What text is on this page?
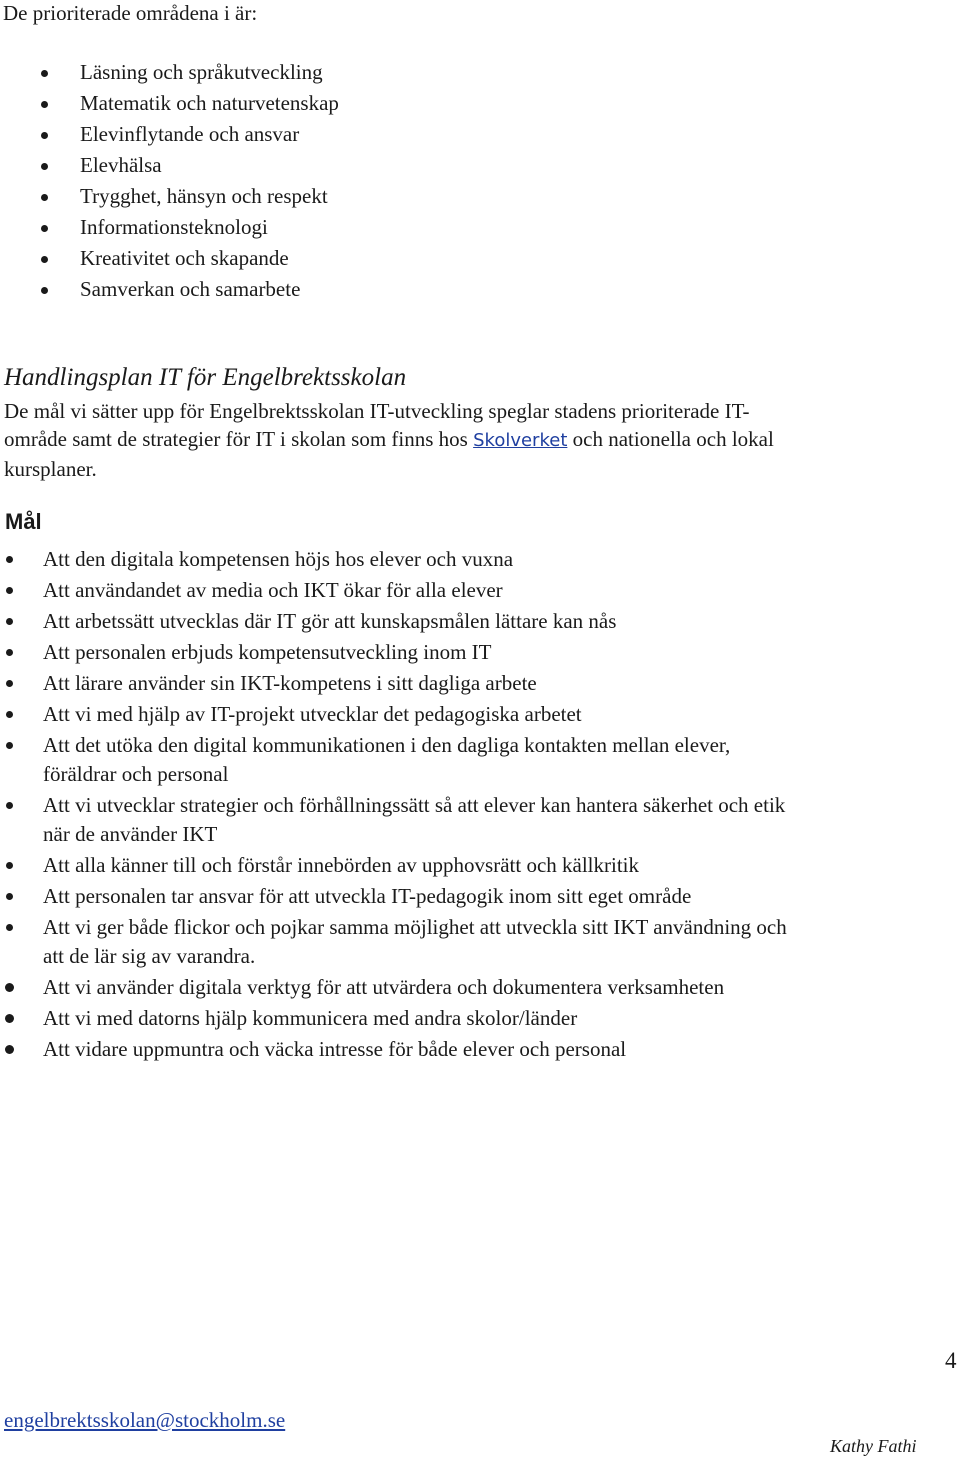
De prioriterade områdena i är:
Läsning och språkutveckling
Matematik och naturvetenskap
Elevinflytande och ansvar
Elevhälsa
Trygghet, hänsyn och respekt
Informationsteknologi
Kreativitet och skapande
Samverkan och samarbete
Handlingsplan IT för Engelbrektsskolan
De mål vi sätter upp för Engelbrektsskolan IT-utveckling speglar stadens prioriterade IT-
område samt de strategier för IT i skolan som finns hos Skolverket och nationella och lokal
kursplaner.
Mål
Att den digitala kompetensen höjs hos elever och vuxna
Att användandet av media och IKT ökar för alla elever
Att arbetssätt utvecklas där IT gör att kunskapsmålen lättare kan nås
Att personalen erbjuds kompetensutveckling inom IT
Att lärare använder sin IKT-kompetens i sitt dagliga arbete
Att vi med hjälp av IT-projekt utvecklar det pedagogiska arbetet
Att det utöka den digital kommunikationen i den dagliga kontakten mellan elever,
föräldrar och personal
Att vi utvecklar strategier och förhållningssätt så att elever kan hantera säkerhet och etik
när de använder IKT
Att alla känner till och förstår innebörden av upphovsrätt och källkritik
Att personalen tar ansvar för att utveckla IT-pedagogik inom sitt eget område
Att vi ger både flickor och pojkar samma möjlighet att utveckla sitt IKT användning och
att de lär sig av varandra.
Att vi använder digitala verktyg för att utvärdera och dokumentera verksamheten
Att vi med datorns hjälp kommunicera med andra skolor/länder
Att vidare uppmuntra och väcka intresse för både elever och personal
4
engelbrektsskolan@stockholm.se
Kathy Fathi
